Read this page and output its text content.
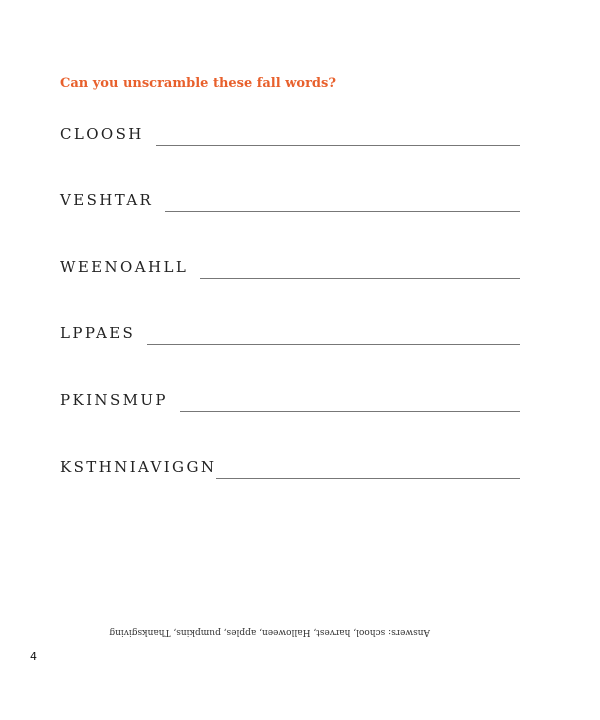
Can you unscramble these fall words?
CLOOSH
VESHTAR
WEENOAHLL
LPPAES
PKINSMUP
KSTHNIAVIGGN
Answers: school, harvest, Halloween, apples, pumpkins, Thanksgiving
4
